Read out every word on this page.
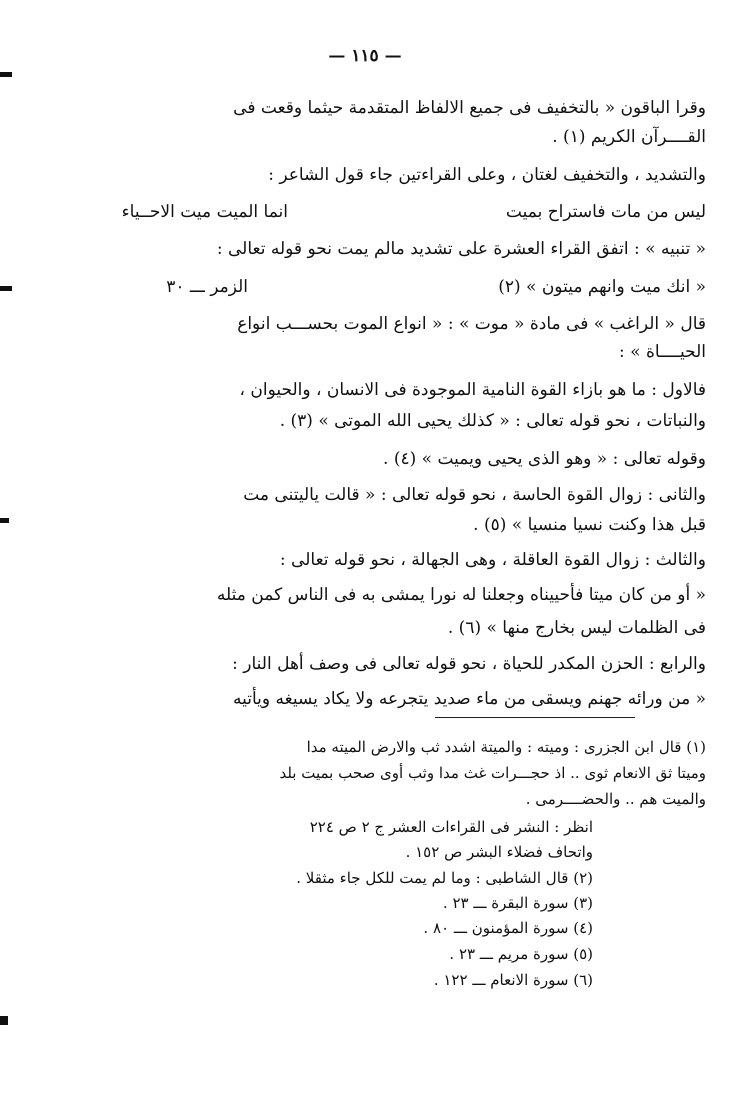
— ١١٥ —
وقرا الباقون « بالتخفيف فى جميع الالفاظ المتقدمة حيثما وقعت فى
القــــرآن الكريم (١) .
والتشديد ، والتخفيف لغتان ، وعلى القراءتين جاء قول الشاعر :
ليس من مات فاستراح بميت
انما الميت ميت الاحــياء
« تنبيه » : اتفق القراء العشرة على تشديد مالم يمت نحو قوله تعالى :
« انك ميت وانهم ميتون » (٢)
الزمر ـــ ٣٠
قال « الراغب » فى مادة « موت » : « انواع الموت بحســـب انواع
الحيــــاة » :
فالاول : ما هو بازاء القوة النامية الموجودة فى الانسان ، والحيوان ،
والنباتات ، نحو قوله تعالى : « كذلك يحيى الله الموتى » (٣) .
وقوله تعالى : « وهو الذى يحيى ويميت » (٤) .
والثانى : زوال القوة الحاسة ، نحو قوله تعالى : « قالت ياليتنى مت
قبل هذا وكنت نسيا منسيا » (٥) .
والثالث : زوال القوة العاقلة ، وهى الجهالة ، نحو قوله تعالى :
« أو من كان ميتا فأحييناه وجعلنا له نورا يمشى به فى الناس كمن مثله
فى الظلمات ليس بخارج منها » (٦) .
والرابع : الحزن المكدر للحياة ، نحو قوله تعالى فى وصف أهل النار :
« من ورائه جهنم ويسقى من ماء صديد يتجرعه ولا يكاد يسيغه ويأتيه
(١) قال ابن الجزرى : وميته : والميتة اشدد ثب والارض الميته مدا
وميتا ثق الانعام ثوى .. اذ حجـــرات غث مدا وثب أوى صحب بميت بلد
والميت هم .. والحضــــرمى .
انظر : النشر فى القراءات العشر ج ٢ ص ٢٢٤
واتحاف فضلاء البشر ص ١٥٢ .
(٢) قال الشاطبى : وما لم يمت للكل جاء مثقلا .
(٣) سورة البقرة ـــ ٢٣ .
(٤) سورة المؤمنون ـــ ٨٠ .
(٥) سورة مريم ـــ ٢٣ .
(٦) سورة الانعام ـــ ١٢٢ .
